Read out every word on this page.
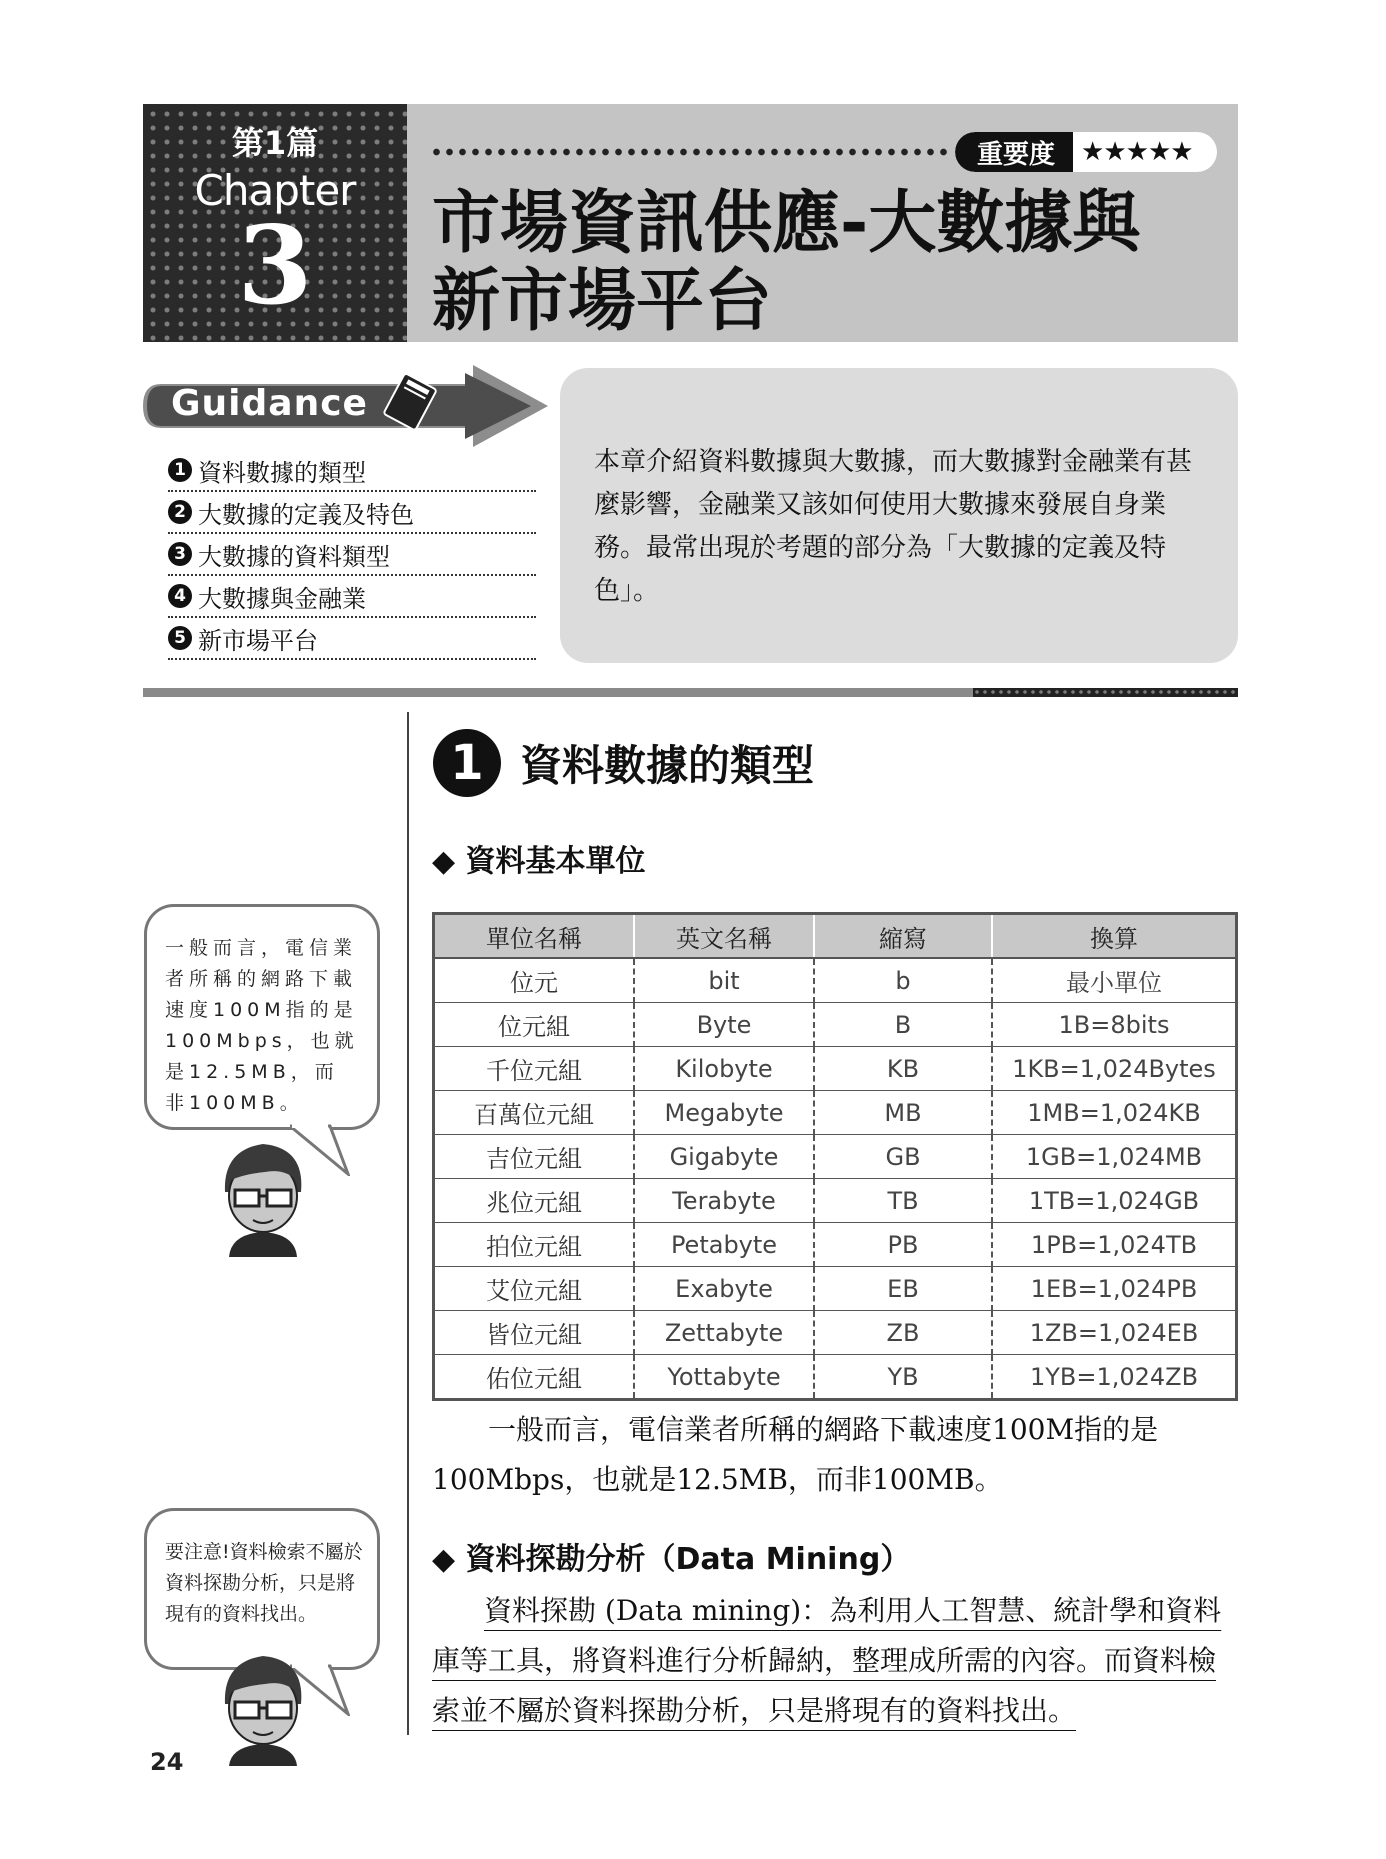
第1篇
Chapter
3
重要度	★★★★★
市場資訊供應-大數據與
新市場平台
Guidance
1 資料數據的類型
2 大數據的定義及特色
3 大數據的資料類型
4 大數據與金融業
5 新市場平台
本章介紹資料數據與大數據，而大數據對金融業有甚麼影響，金融業又該如何使用大數據來發展自身業務。最常出現於考題的部分為「大數據的定義及特色」。
1 資料數據的類型
◆ 資料基本單位
單位名稱	英文名稱	縮寫	換算
位元	bit	b	最小單位
位元組	Byte	B	1B=8bits
千位元組	Kilobyte	KB	1KB=1,024Bytes
百萬位元組	Megabyte	MB	1MB=1,024KB
吉位元組	Gigabyte	GB	1GB=1,024MB
兆位元組	Terabyte	TB	1TB=1,024GB
拍位元組	Petabyte	PB	1PB=1,024TB
艾位元組	Exabyte	EB	1EB=1,024PB
皆位元組	Zettabyte	ZB	1ZB=1,024EB
佑位元組	Yottabyte	YB	1YB=1,024ZB
一般而言，電信業者所稱的網路下載速度100M指的是100Mbps，也就是12.5MB，而非100MB。
◆ 資料探勘分析（Data Mining）
資料探勘 (Data mining)：為利用人工智慧、統計學和資料庫等工具，將資料進行分析歸納，整理成所需的內容。而資料檢索並不屬於資料探勘分析，只是將現有的資料找出。
一般而言，電信業者所稱的網路下載速度100M指的是100Mbps，也就是12.5MB，而非100MB。
要注意!資料檢索不屬於資料探勘分析，只是將現有的資料找出。
24
